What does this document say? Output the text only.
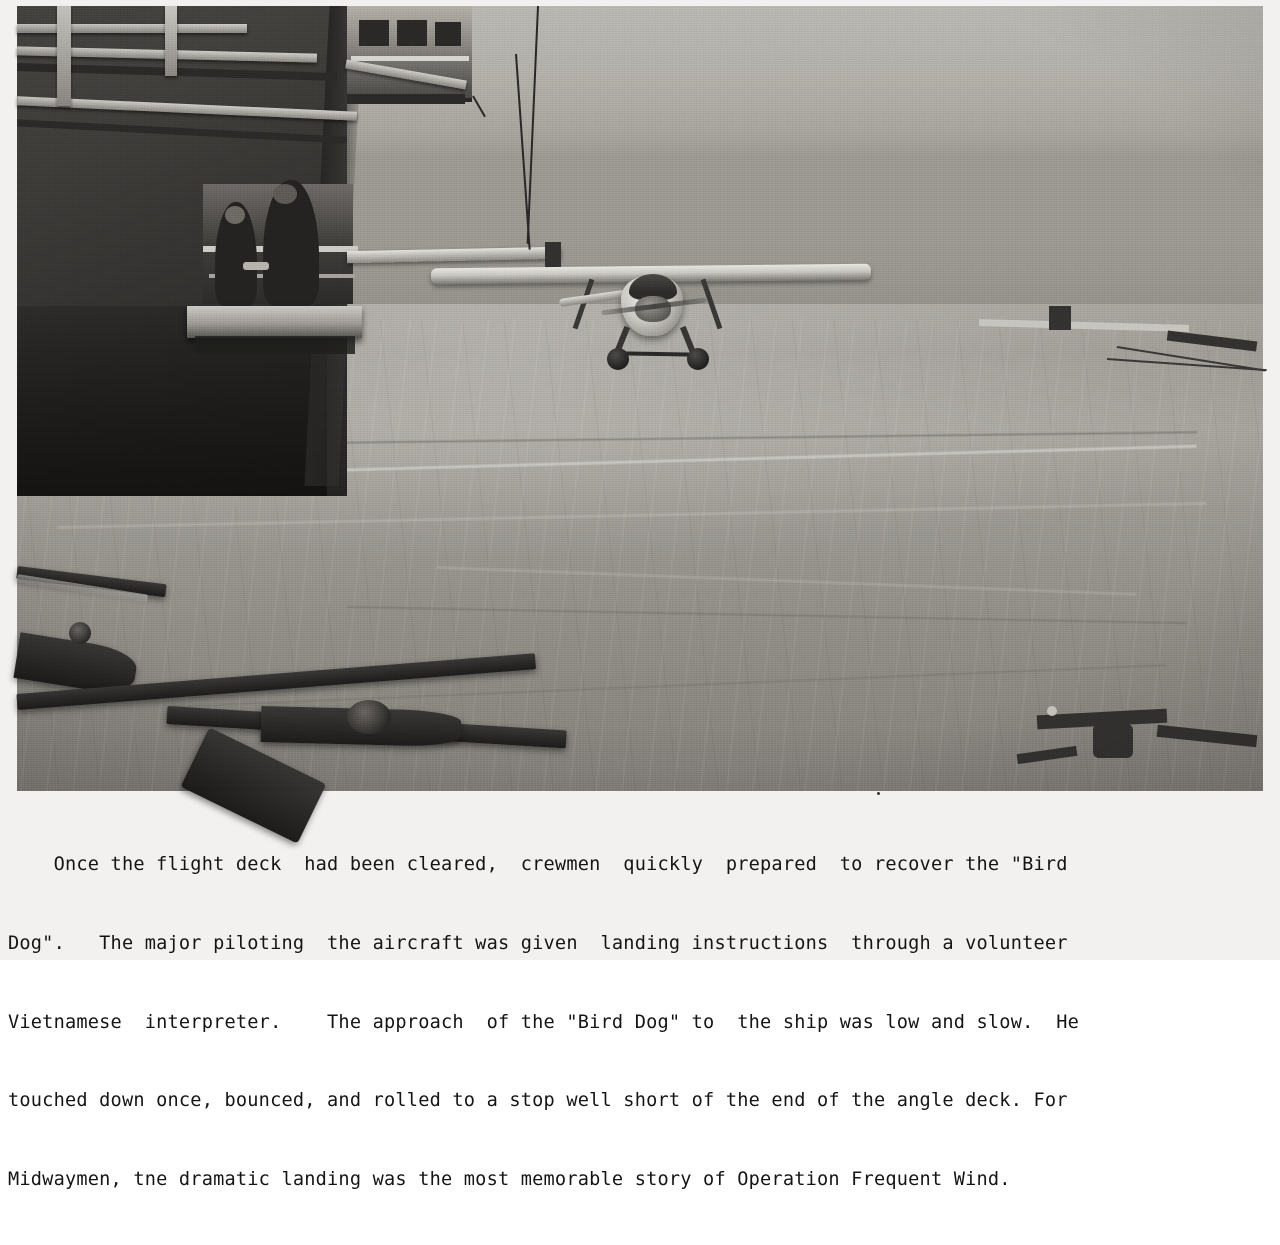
Once the flight deck  had been cleared,  crewmen  quickly  prepared  to recover the "Bird

Dog".   The major piloting  the aircraft was given  landing instructions  through a volunteer

Vietnamese  interpreter.    The approach  of the "Bird Dog" to  the ship was low and slow.  He

touched down once, bounced, and rolled to a stop well short of the end of the angle deck. For

Midwaymen, tne dramatic landing was the most memorable story of Operation Frequent Wind.
